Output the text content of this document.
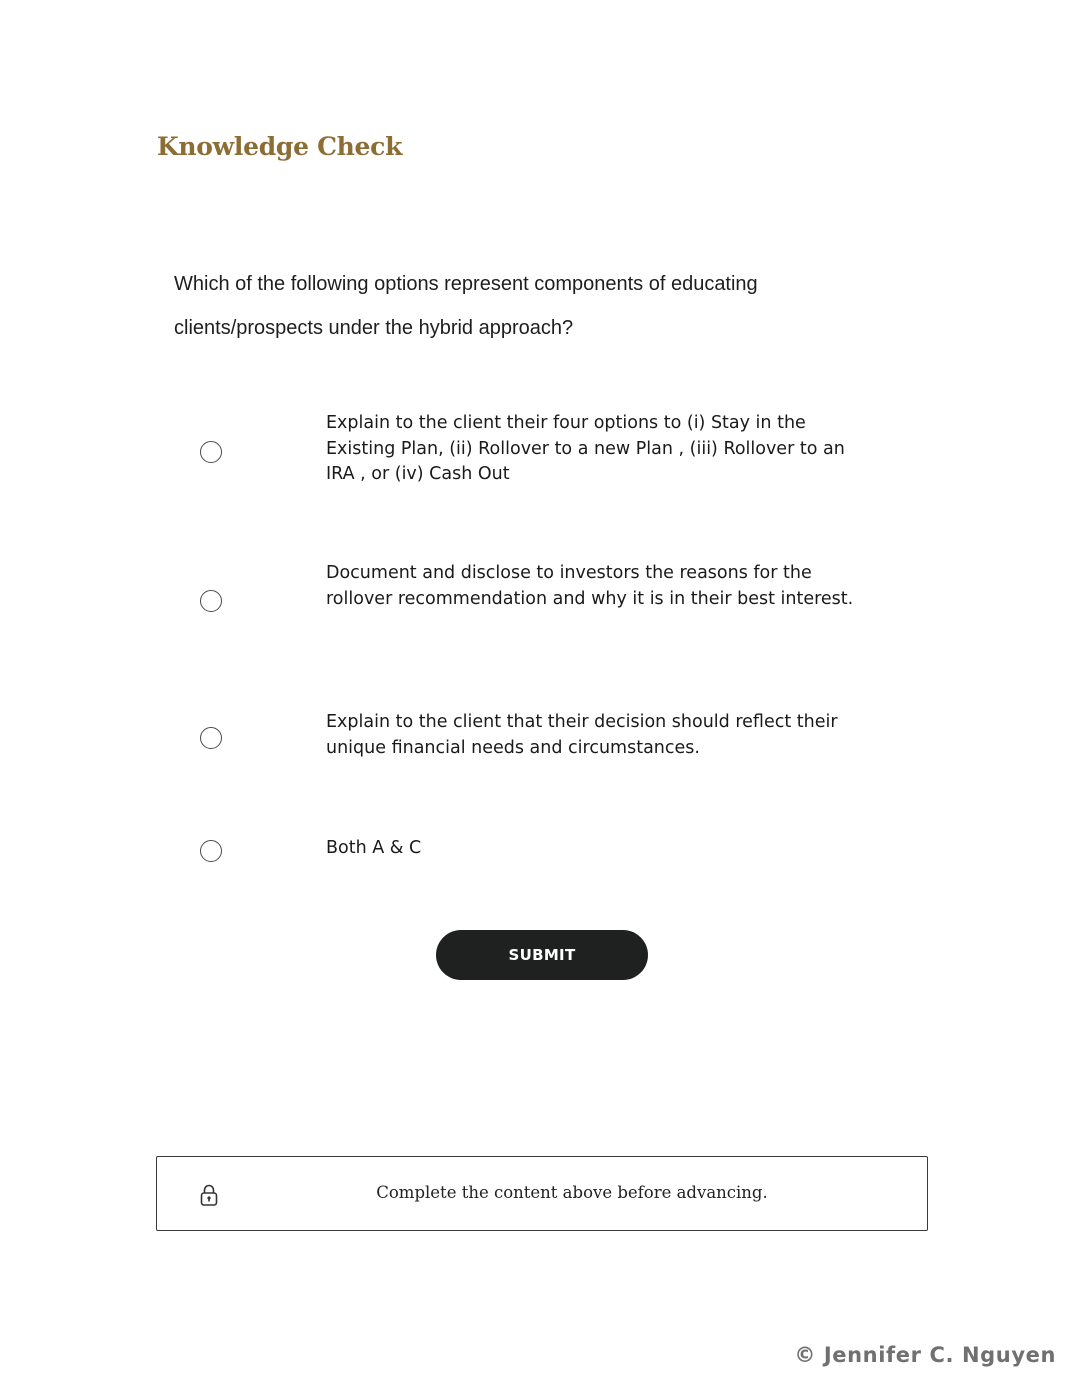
Knowledge Check
Which of the following options represent components of educating clients/prospects under the hybrid approach?
Explain to the client their four options to (i) Stay in the Existing Plan, (ii) Rollover to a new Plan , (iii) Rollover to an IRA , or (iv) Cash Out
Document and disclose to investors the reasons for the rollover recommendation and why it is in their best interest.
Explain to the client that their decision should reflect their unique financial needs and circumstances.
Both A & C
SUBMIT
Complete the content above before advancing.
© Jennifer C. Nguyen
